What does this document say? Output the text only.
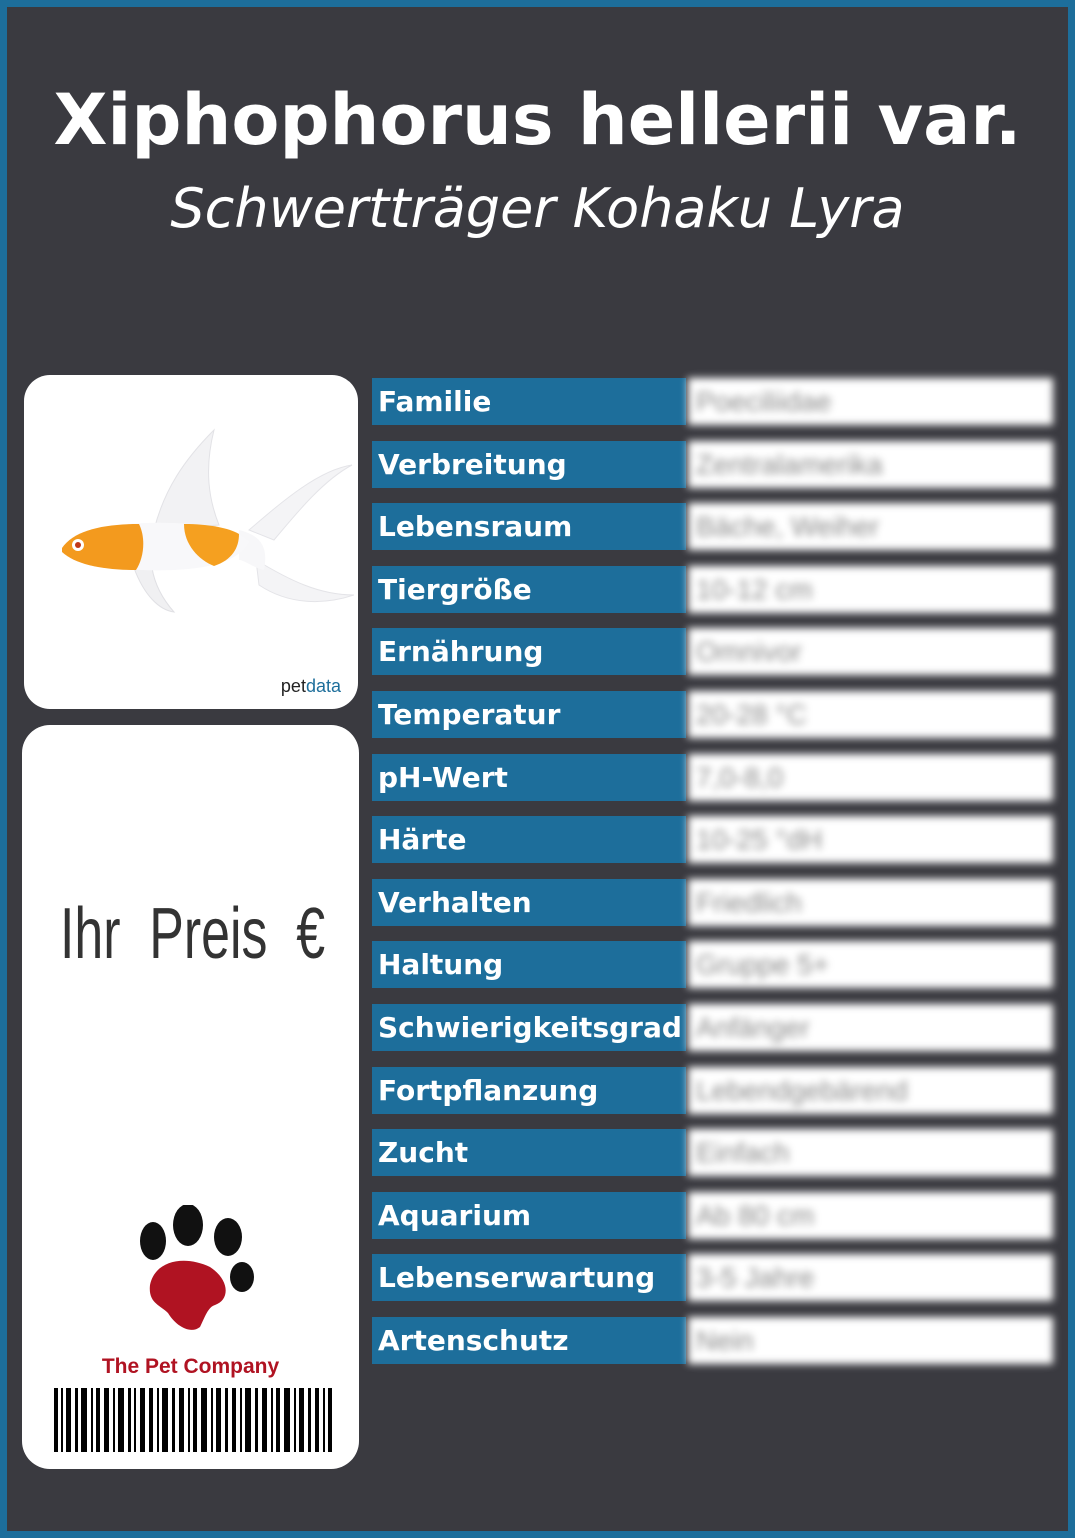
Xiphophorus hellerii var.
Schwertträger Kohaku Lyra
petdata
Ihr Preis €
The Pet Company
Familie	Poeciliidae
Verbreitung	Zentralamerika
Lebensraum	Bäche, Weiher
Tiergröße	10-12 cm
Ernährung	Omnivor
Temperatur	20-28 °C
pH-Wert	7,0-8,0
Härte	10-25 °dH
Verhalten	Friedlich
Haltung	Gruppe 5+
Schwierigkeitsgrad Anfänger
Fortpflanzung	Lebendgebärend
Zucht	Einfach
Aquarium	Ab 80 cm
Lebenserwartung	3-5 Jahre
Artenschutz	Nein
